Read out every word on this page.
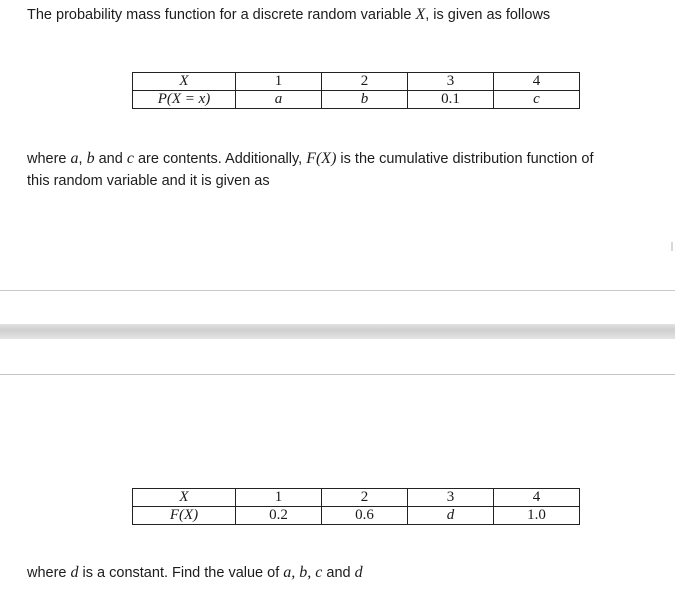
The probability mass function for a discrete random variable X, is given as follows

X	1	2	3	4
P(X = x)	a	b	0.1	c

where a, b and c are contents. Additionally, F(X) is the cumulative distribution function of
this random variable and it is given as

X	1	2	3	4
F(X)	0.2	0.6	d	1.0

where d is a constant. Find the value of a, b, c and d
